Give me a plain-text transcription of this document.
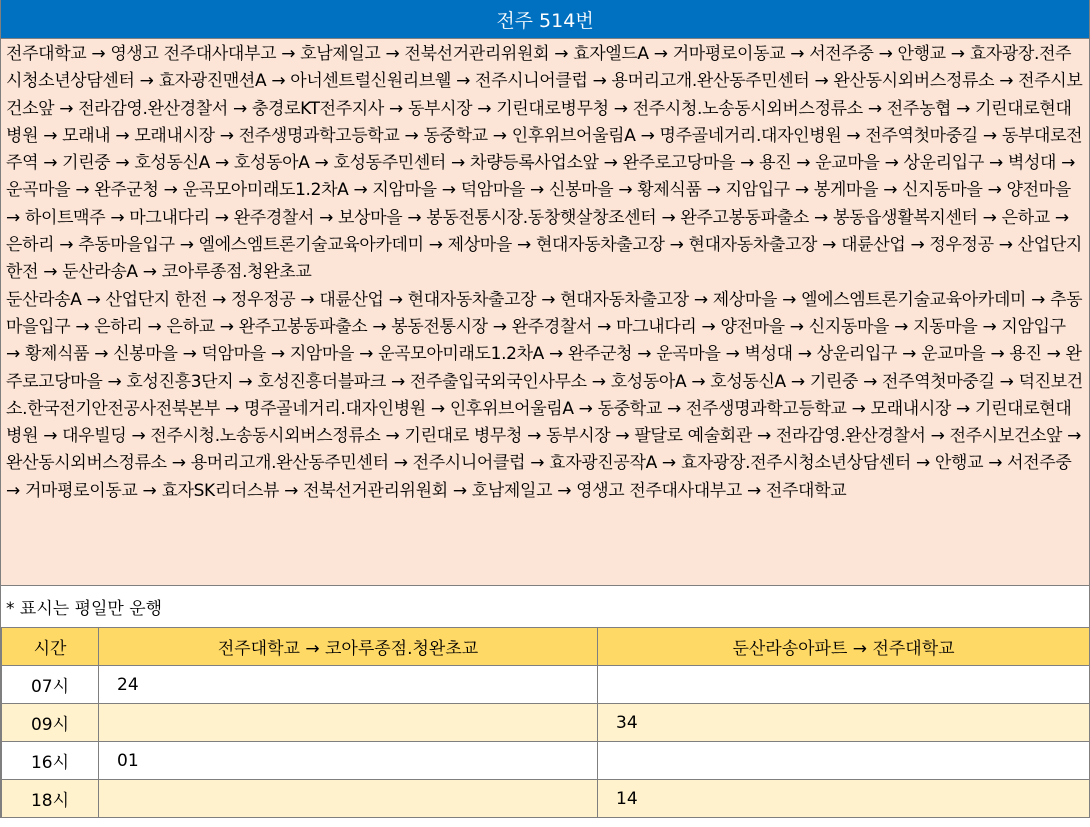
전주 514번
전주대학교 → 영생고 전주대사대부고 → 호남제일고 → 전북선거관리위원회 → 효자엘드A → 거마평로이동교 → 서전주중 → 안행교 → 효자광장.전주시청소년상담센터 → 효자광진맨션A → 아너센트럴신원리브웰 → 전주시니어클럽 → 용머리고개.완산동주민센터 → 완산동시외버스정류소 → 전주시보건소앞 → 전라감영.완산경찰서 → 충경로KT전주지사 → 동부시장 → 기린대로병무청 → 전주시청.노송동시외버스정류소 → 전주농협 → 기린대로현대병원 → 모래내 → 모래내시장 → 전주생명과학고등학교 → 동중학교 → 인후위브어울림A → 명주골네거리.대자인병원 → 전주역첫마중길 → 동부대로전주역 → 기린중 → 호성동신A → 호성동아A → 호성동주민센터 → 차량등록사업소앞 → 완주로고당마을 → 용진 → 운교마을 → 상운리입구 → 벽성대 → 운곡마을 → 완주군청 → 운곡모아미래도1.2차A → 지암마을 → 덕암마을 → 신봉마을 → 황제식품 → 지암입구 → 봉게마을 → 신지동마을 → 양전마을 → 하이트맥주 → 마그내다리 → 완주경찰서 → 보상마을 → 봉동전통시장.동창햇살창조센터 → 완주고봉동파출소 → 봉동읍생활복지센터 → 은하교 → 은하리 → 추동마을입구 → 엘에스엠트론기술교육아카데미 → 제상마을 → 현대자동차출고장 → 현대자동차출고장 → 대륜산업 → 정우정공 → 산업단지 한전 → 둔산라송A → 코아루종점.청완초교
둔산라송A → 산업단지 한전 → 정우정공 → 대륜산업 → 현대자동차출고장 → 현대자동차출고장 → 제상마을 → 엘에스엠트론기술교육아카데미 → 추동마을입구 → 은하리 → 은하교 → 완주고봉동파출소 → 봉동전통시장 → 완주경찰서 → 마그내다리 → 양전마을 → 신지동마을 → 지동마을 → 지암입구 → 황제식품 → 신봉마을 → 덕암마을 → 지암마을 → 운곡모아미래도1.2차A → 완주군청 → 운곡마을 → 벽성대 → 상운리입구 → 운교마을 → 용진 → 완주로고당마을 → 호성진흥3단지 → 호성진흥더블파크 → 전주출입국외국인사무소 → 호성동아A → 호성동신A → 기린중 → 전주역첫마중길 → 덕진보건소.한국전기안전공사전북본부 → 명주골네거리.대자인병원 → 인후위브어울림A → 동중학교 → 전주생명과학고등학교 → 모래내시장 → 기린대로현대병원 → 대우빌딩 → 전주시청.노송동시외버스정류소 → 기린대로 병무청 → 동부시장 → 팔달로 예술회관 → 전라감영.완산경찰서 → 전주시보건소앞 → 완산동시외버스정류소 → 용머리고개.완산동주민센터 → 전주시니어클럽 → 효자광진공작A → 효자광장.전주시청소년상담센터 → 안행교 → 서전주중 → 거마평로이동교 → 효자SK리더스뷰 → 전북선거관리위원회 → 호남제일고 → 영생고 전주대사대부고 → 전주대학교
* 표시는 평일만 운행
시간	전주대학교 → 코아루종점.청완초교	둔산라송아파트 → 전주대학교
07시	24	
09시		34
16시	01	
18시		14
